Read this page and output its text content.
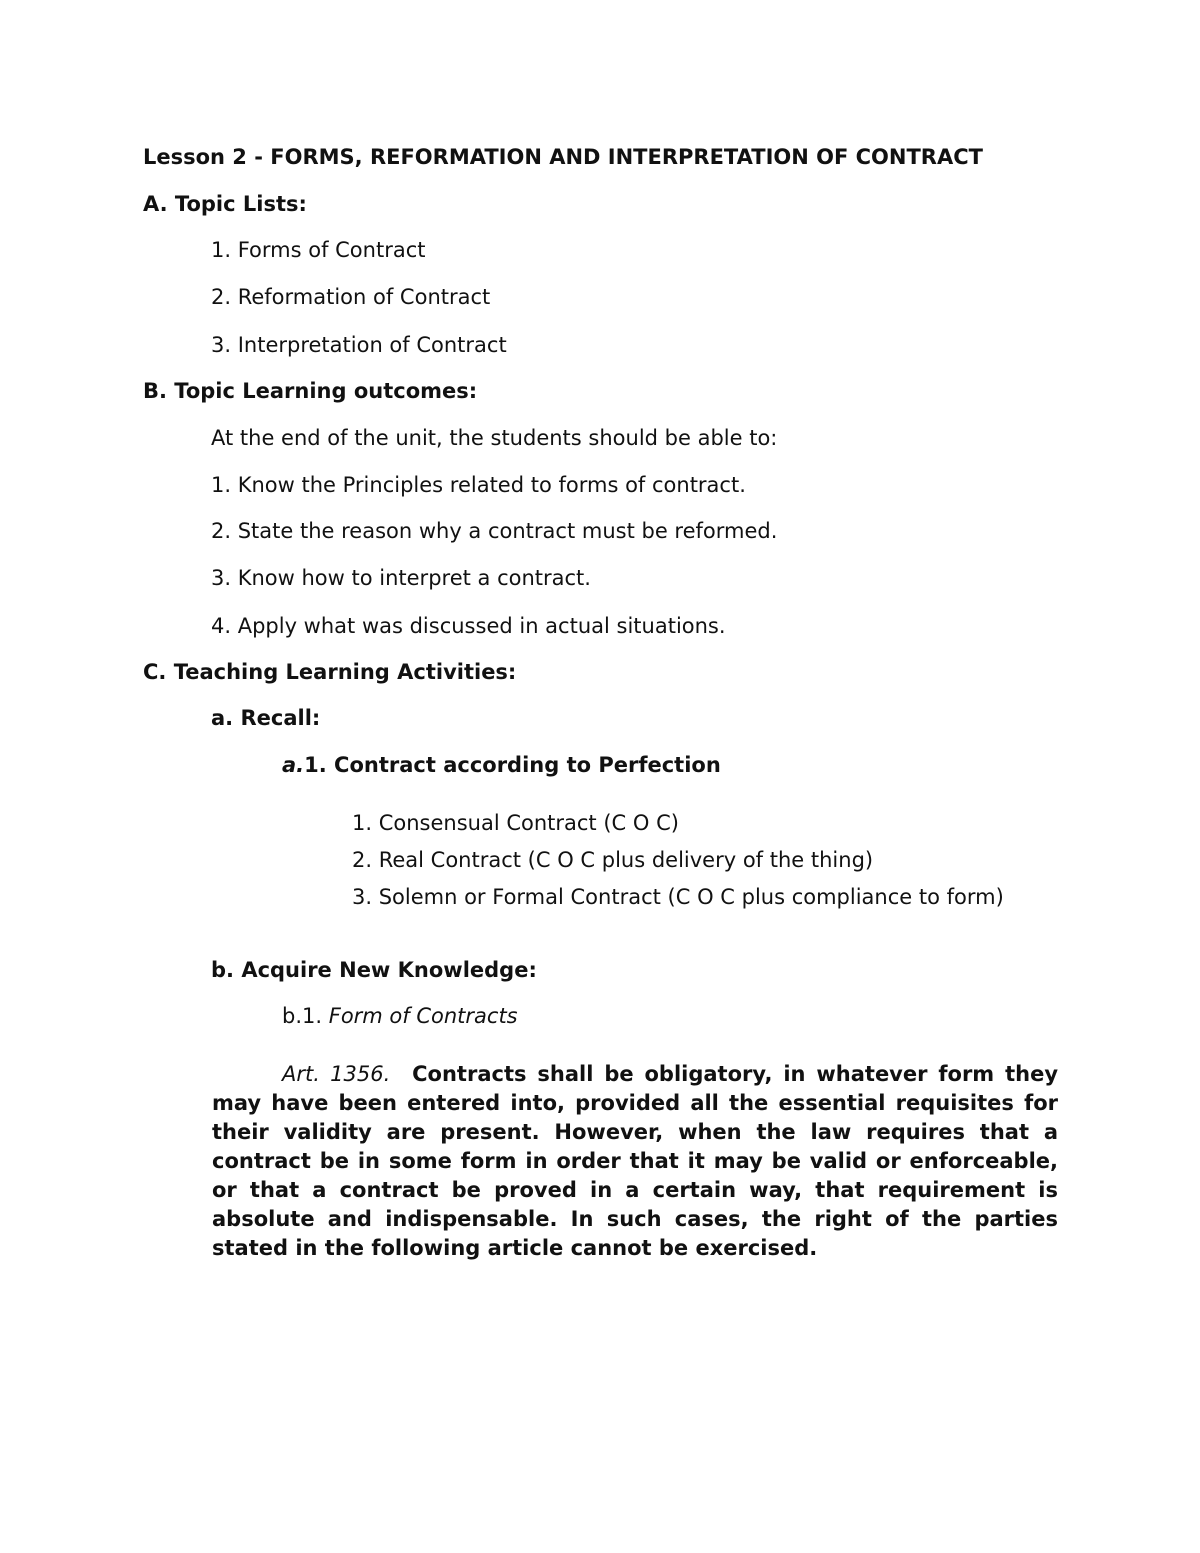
Lesson 2 - FORMS, REFORMATION AND INTERPRETATION OF CONTRACT
A. Topic Lists:
1. Forms of Contract
2. Reformation of Contract
3. Interpretation of Contract
B. Topic Learning outcomes:
At the end of the unit, the students should be able to:
1. Know the Principles related to forms of contract.
2. State the reason why a contract must be reformed.
3. Know how to interpret a contract.
4. Apply what was discussed in actual situations.
C. Teaching Learning Activities:
a. Recall:
a.1. Contract according to Perfection
1. Consensual Contract (C O C)
2. Real Contract (C O C plus delivery of the thing)
3. Solemn or Formal Contract (C O C plus compliance to form)
b. Acquire New Knowledge:
b.1. Form of Contracts
Art. 1356. Contracts shall be obligatory, in whatever form they may have been entered into, provided all the essential requisites for their validity are present. However, when the law requires that a contract be in some form in order that it may be valid or enforceable, or that a contract be proved in a certain way, that requirement is absolute and indispensable. In such cases, the right of the parties stated in the following article cannot be exercised.
